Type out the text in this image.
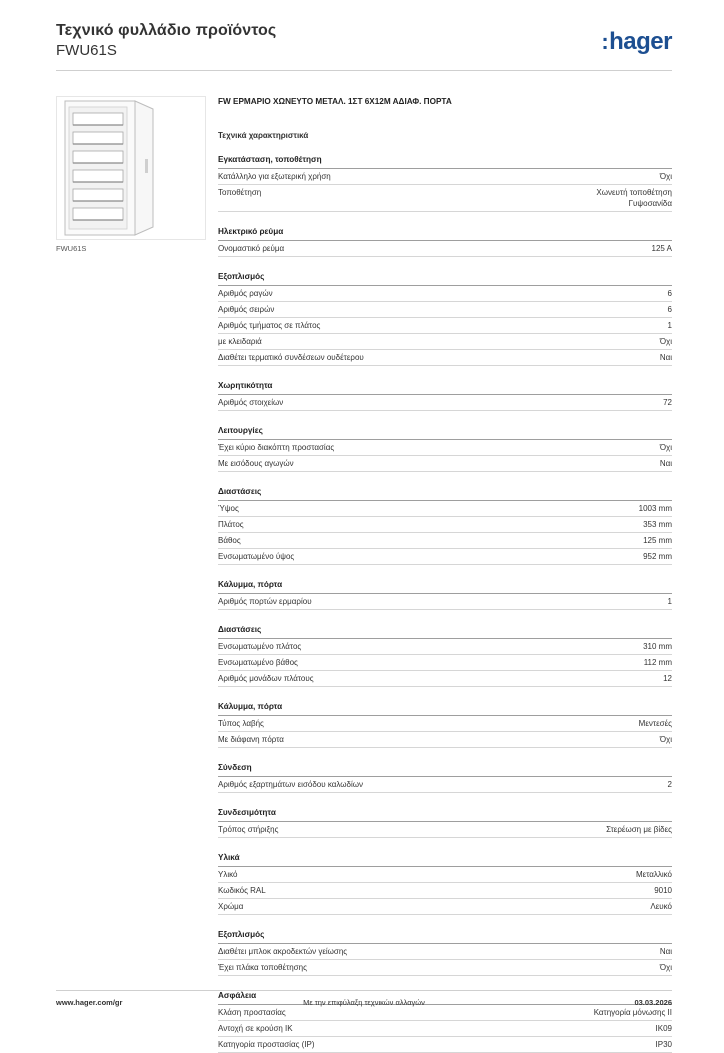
Τεχνικό φυλλάδιο προϊόντος
FWU61S	:hager
FWU61S
FW ΕΡΜΑΡΙΟ ΧΩΝΕΥΤΟ ΜΕΤΑΛ. 1ΣΤ 6Χ12Μ ΑΔΙΑΦ. ΠΟΡΤΑ
Τεχνικά χαρακτηριστικά
Εγκατάσταση, τοποθέτηση
Κατάλληλο για εξωτερική χρήση	Όχι
Τοποθέτηση	Χωνευτή τοποθέτηση
Γυψοσανίδα
Ηλεκτρικό ρεύμα
Ονομαστικό ρεύμα	125 A
Εξοπλισμός
Αριθμός ραγών	6
Αριθμός σειρών	6
Αριθμός τμήματος σε πλάτος	1
με κλειδαριά	Όχι
Διαθέτει τερματικό συνδέσεων ουδέτερου	Ναι
Χωρητικότητα
Αριθμός στοιχείων	72
Λειτουργίες
Έχει κύριο διακόπτη προστασίας	Όχι
Με εισόδους αγωγών	Ναι
Διαστάσεις
Ύψος	1003 mm
Πλάτος	353 mm
Βάθος	125 mm
Ενσωματωμένο ύψος	952 mm
Κάλυμμα, πόρτα
Αριθμός πορτών ερμαρίου	1
Διαστάσεις
Ενσωματωμένο πλάτος	310 mm
Ενσωματωμένο βάθος	112 mm
Αριθμός μονάδων πλάτους	12
Κάλυμμα, πόρτα
Τύπος λαβής	Μεντεσές
Με διάφανη πόρτα	Όχι
Σύνδεση
Αριθμός εξαρτημάτων εισόδου καλωδίων	2
Συνδεσιμότητα
Τρόπος στήριξης	Στερέωση με βίδες
Υλικά
Υλικό	Μεταλλικό
Κωδικός RAL	9010
Χρώμα	Λευκό
Εξοπλισμός
Διαθέτει μπλοκ ακροδεκτών γείωσης	Ναι
Έχει πλάκα τοποθέτησης	Όχι
Ασφάλεια
Κλάση προστασίας	Κατηγορία μόνωσης II
Αντοχή σε κρούση IK	IK09
Κατηγορία προστασίας (IP)	IP30
www.hager.com/gr	Με την επιφύλαξη τεχνικών αλλαγών	03.03.2026
